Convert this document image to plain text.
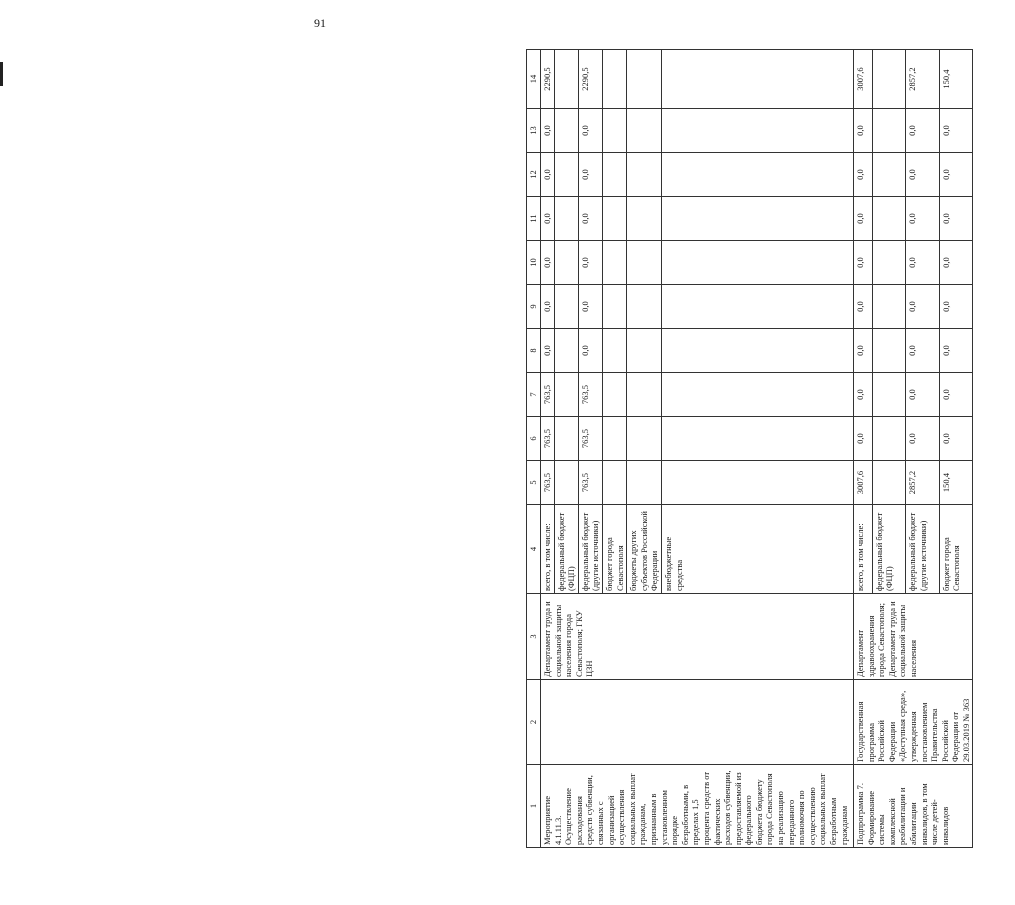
91
1	2	3	4	5	6	7	8	9	10	11	12	13	14
Мероприятие 4.1.11.3. Осуществление расходования средств субвенции, связанных с организацией осуществления социальных выплат гражданам, признанным в установленном порядке безработными, в пределах 1,5 процента средств от фактических расходов субвенции, предоставляемой из федерального бюджета бюджету города Севастополя на реализацию переданного полномочия по осуществлению социальных выплат безработным гражданам		Департамент труда и социальной защиты населения города Севастополя; ГКУ ЦЗН	всего, в том числе:	763,5	763,5	763,5	0,0	0,0	0,0	0,0	0,0	0,0	2290,5
			федеральный бюджет (ФЦП)										
			федеральный бюджет (другие источники)	763,5	763,5	763,5	0,0	0,0	0,0	0,0	0,0	0,0	2290,5
			бюджет города Севастополя										
			бюджеты других субъектов Российской Федерации										
			внебюджетные средства										
Подпрограмма 7. Формирование системы комплексной реабилитации и абилитации инвалидов, в том числе детей-инвалидов	Государственная программа Российской Федерации «Доступная среда», утвержденная постановлением Правительства Российской Федерации от 29.03.2019 № 363	Департамент здравоохранения города Севастополя; Департамент труда и социальной защиты населения	всего, в том числе:	3007,6	0,0	0,0	0,0	0,0	0,0	0,0	0,0	0,0	3007,6
			федеральный бюджет (ФЦП)										
			федеральный бюджет (другие источники)	2857,2	0,0	0,0	0,0	0,0	0,0	0,0	0,0	0,0	2857,2
			бюджет города Севастополя	150,4	0,0	0,0	0,0	0,0	0,0	0,0	0,0	0,0	150,4
